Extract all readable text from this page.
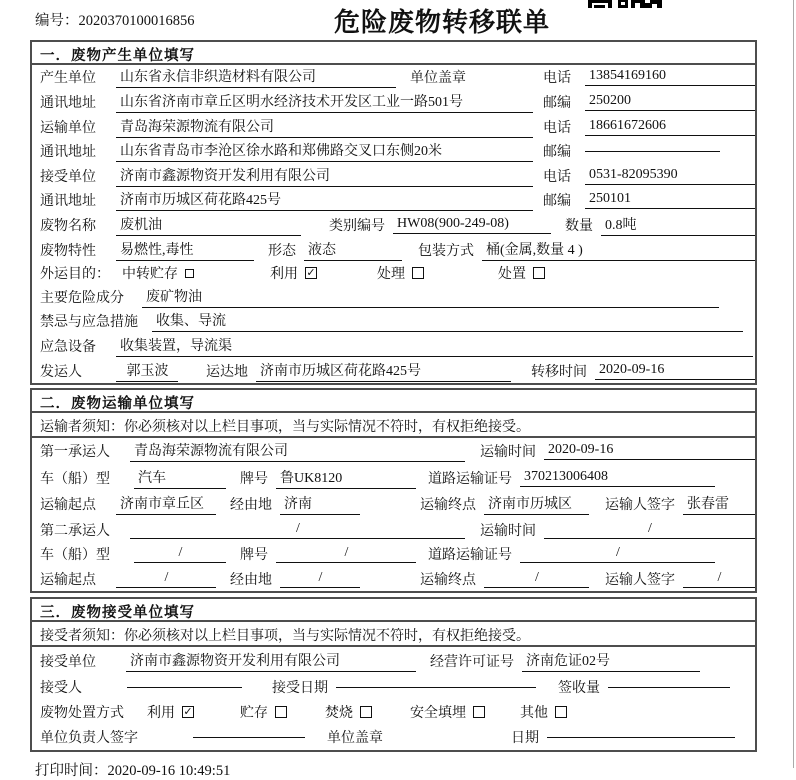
编号：2020370100016856	危险废物转移联单
一．废物产生单位填写
产生单位	山东省永信非织造材料有限公司	单位盖章	电话	13854169160
通讯地址	山东省济南市章丘区明水经济技术开发区工业一路501号	邮编	250200
运输单位	青岛海荣源物流有限公司	电话	18661672606
通讯地址	山东省青岛市李沧区徐水路和郑佛路交叉口东侧20米	邮编
接受单位	济南市鑫源物资开发利用有限公司	电话	0531-82095390
通讯地址	济南市历城区荷花路425号	邮编	250101
废物名称	废机油	类别编号 HW08(900-249-08)	数量 0.8吨
废物特性	易燃性,毒性	形态 液态	包装方式 桶(金属,数量 4 )
外运目的： 中转贮存	利用 ✓	处理	处置
主要危险成分 废矿物油
禁忌与应急措施 收集、导流
应急设备	收集装置，导流渠
发运人	郭玉波	运达地 济南市历城区荷花路425号	转移时间 2020-09-16
二．废物运输单位填写
运输者须知：你必须核对以上栏目事项，当与实际情况不符时，有权拒绝接受。
第一承运人 青岛海荣源物流有限公司	运输时间 2020-09-16
车（船）型 汽车	牌号 鲁UK8120	道路运输证号 370213006408
运输起点 济南市章丘区	经由地 济南	运输终点 济南市历城区	运输人签字 张春雷
第二承运人	/	运输时间	/
车（船）型	/	牌号	/	道路运输证号	/
运输起点	/	经由地	/	运输终点	/	运输人签字	/
三．废物接受单位填写
接受者须知：你必须核对以上栏目事项，当与实际情况不符时，有权拒绝接受。
接受单位 济南市鑫源物资开发利用有限公司	经营许可证号 济南危证02号
接受人	接受日期	签收量
废物处置方式 利用 ✓	贮存	焚烧	安全填埋	其他
单位负责人签字	单位盖章	日期
打印时间：2020-09-16 10:49:51
